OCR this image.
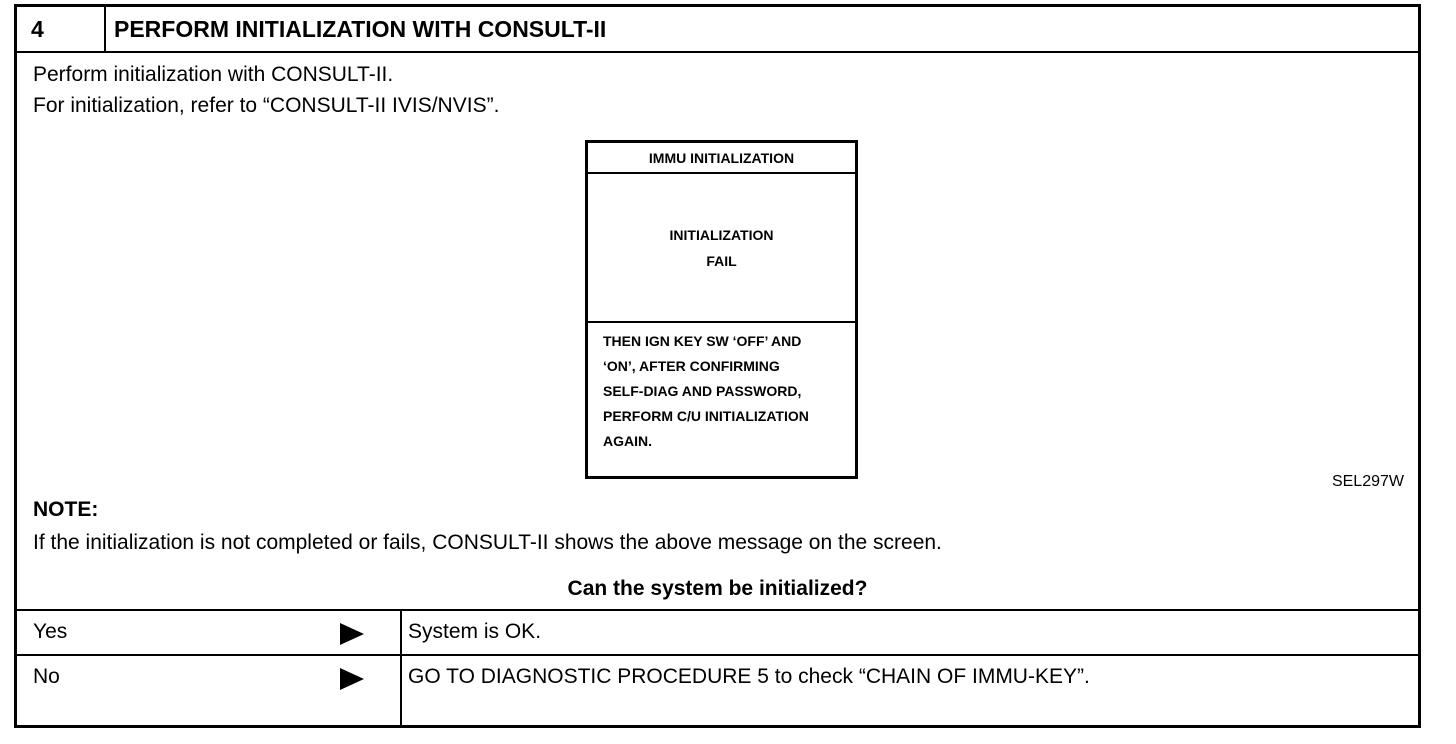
4	PERFORM INITIALIZATION WITH CONSULT-II
Perform initialization with CONSULT-II.
For initialization, refer to “CONSULT-II IVIS/NVIS”.
IMMU INITIALIZATION
INITIALIZATION
FAIL
THEN IGN KEY SW ‘OFF’ AND
‘ON’, AFTER CONFIRMING
SELF-DIAG AND PASSWORD,
PERFORM C/U INITIALIZATION
AGAIN.
SEL297W
NOTE:
If the initialization is not completed or fails, CONSULT-II shows the above message on the screen.
Can the system be initialized?
Yes	System is OK.
No	GO TO DIAGNOSTIC PROCEDURE 5 to check “CHAIN OF IMMU-KEY”.
